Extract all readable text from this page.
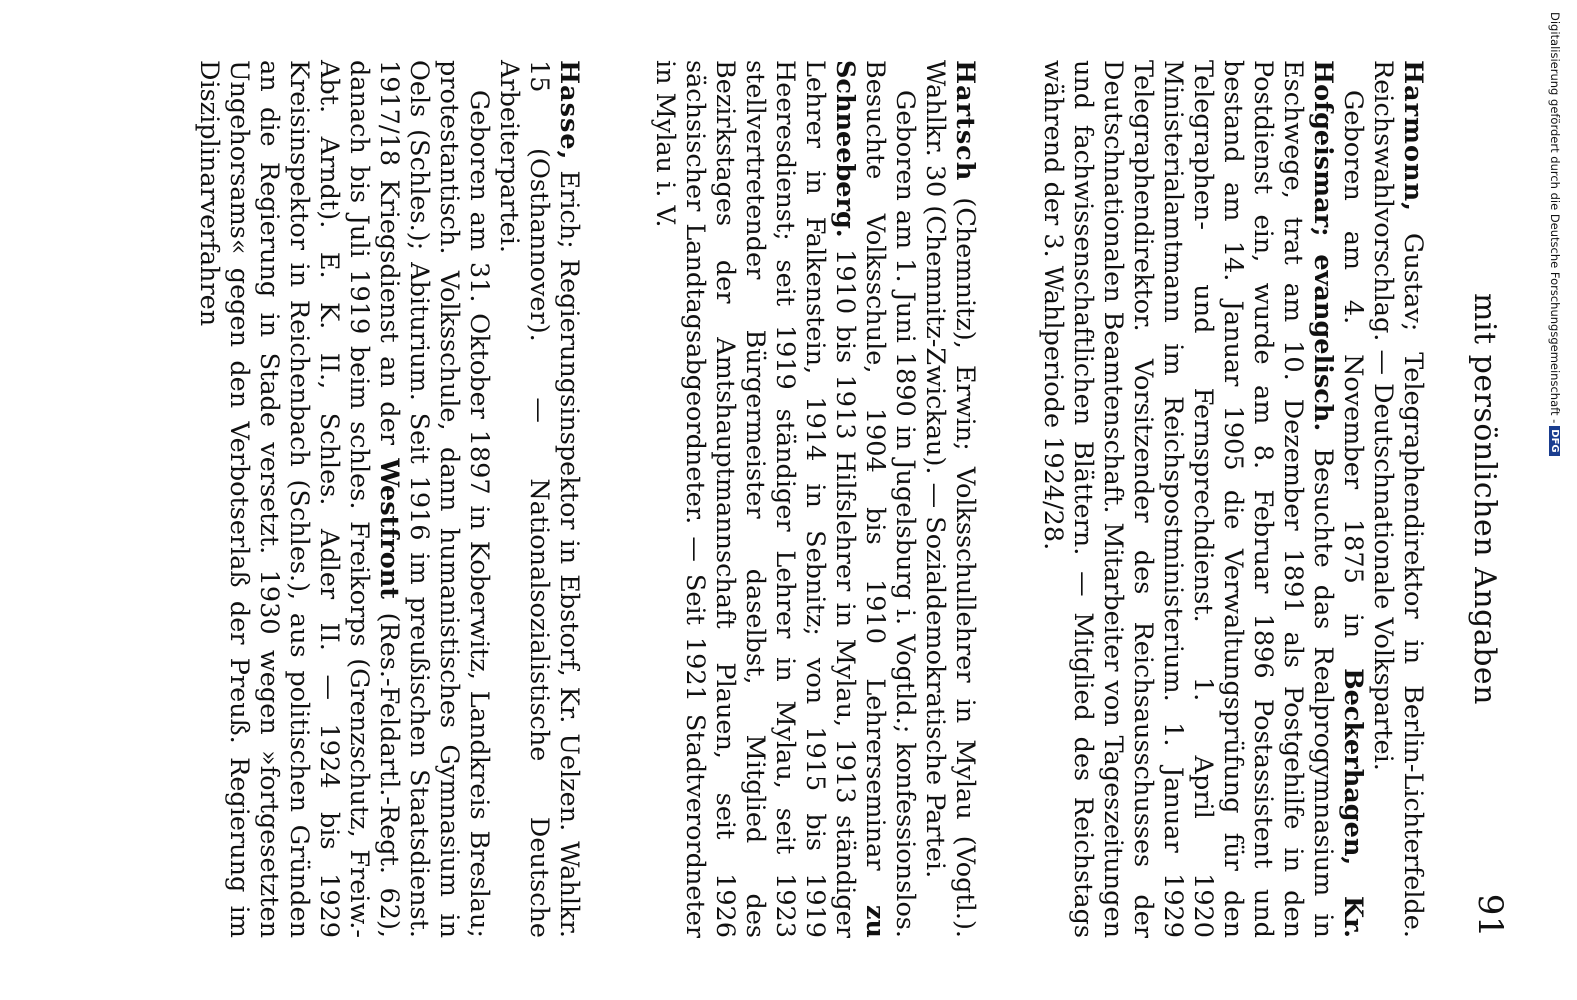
mit persönlichen Angaben
91

Harmonn, Gustav; Telegraphendirektor in Berlin-Lichterfelde. Reichswahlvorschlag. — Deutschnationale Volkspartei.

Geboren am 4. November 1875 in Beckerhagen, Kr. Hofgeismar; evangelisch. Besuchte das Realprogymnasium in Eschwege, trat am 10. Dezember 1891 als Postgehilfe in den Postdienst ein, wurde am 8. Februar 1896 Postassistent und bestand am 14. Januar 1905 die Verwaltungsprüfung für den Telegraphen- und Fernsprechdienst. 1. April 1920 Ministerialamtmann im Reichspostministerium. 1. Januar 1929 Telegraphendirektor. Vorsitzender des Reichsausschusses der Deutschnationalen Beamtenschaft. Mitarbeiter von Tageszeitungen und fachwissenschaftlichen Blättern. — Mitglied des Reichstags während der 3. Wahlperiode 1924/28.

Hartsch (Chemnitz), Erwin; Volksschullehrer in Mylau (Vogtl.). Wahlkr. 30 (Chemnitz-Zwickau). — Sozialdemokratische Partei.

Geboren am 1. Juni 1890 in Jugelsburg i. Vogtld.; konfessionslos. Besuchte Volksschule, 1904 bis 1910 Lehrerseminar zu Schneeberg. 1910 bis 1913 Hilfslehrer in Mylau, 1913 ständiger Lehrer in Falkenstein, 1914 in Sebnitz; von 1915 bis 1919 Heeresdienst; seit 1919 ständiger Lehrer in Mylau, seit 1923 stellvertretender Bürgermeister daselbst, Mitglied des Bezirkstages der Amtshauptmannschaft Plauen, seit 1926 sächsischer Landtagsabgeordneter. — Seit 1921 Stadtverordneter in Mylau i. V.

Hasse, Erich; Regierungsinspektor in Ebstorf, Kr. Uelzen. Wahlkr. 15 (Osthannover). — Nationalsozialistische Deutsche Arbeiterpartei.

Geboren am 31. Oktober 1897 in Koberwitz, Landkreis Breslau; protestantisch. Volksschule, dann humanistisches Gymnasium in Oels (Schles.); Abiturium. Seit 1916 im preußischen Staatsdienst. 1917/18 Kriegsdienst an der Westfront (Res.-Feldartl.-Regt. 62), danach bis Juli 1919 beim schles. Freikorps (Grenzschutz, Freiw.-Abt. Arndt). E. K. II., Schles. Adler II. — 1924 bis 1929 Kreisinspektor in Reichenbach (Schles.), aus politischen Gründen an die Regierung in Stade versetzt. 1930 wegen »fortgesetzten Ungehorsams« gegen den Verbotserlaß der Preuß. Regierung im Disziplinarverfahren	Digitalisierung gefördert durch die Deutsche Forschungsgemeinschaft -DFG
